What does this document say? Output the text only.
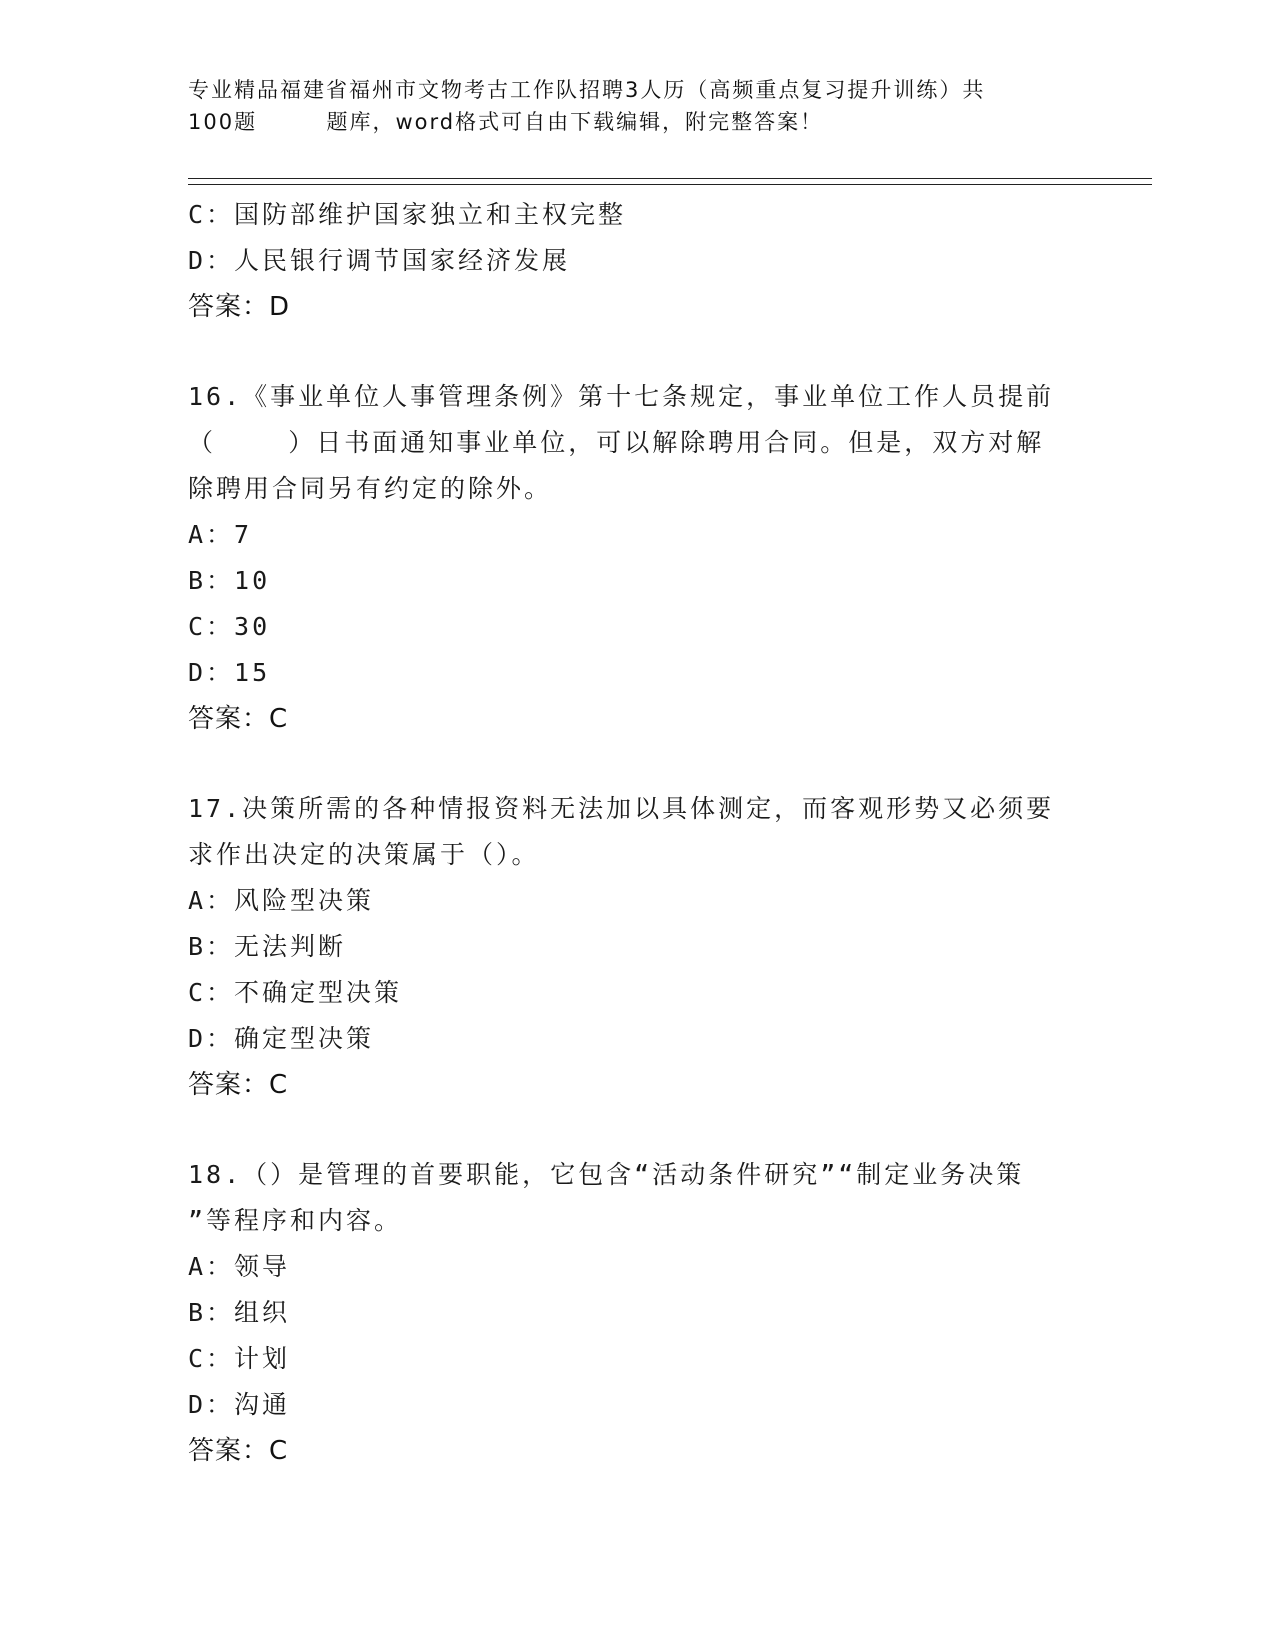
专业精品福建省福州市文物考古工作队招聘3人历（高频重点复习提升训练）共
100题        题库，word格式可自由下载编辑，附完整答案！
C：国防部维护国家独立和主权完整
D：人民银行调节国家经济发展
答案：D
16.《事业单位人事管理条例》第十七条规定，事业单位工作人员提前
（    ）日书面通知事业单位，可以解除聘用合同。但是，双方对解
除聘用合同另有约定的除外。
A：7
B：10
C：30
D：15
答案：C
17.决策所需的各种情报资料无法加以具体测定，而客观形势又必须要
求作出决定的决策属于（）。
A：风险型决策
B：无法判断
C：不确定型决策
D：确定型决策
答案：C
18.（）是管理的首要职能，它包含“活动条件研究”“制定业务决策
”等程序和内容。
A：领导
B：组织
C：计划
D：沟通
答案：C
